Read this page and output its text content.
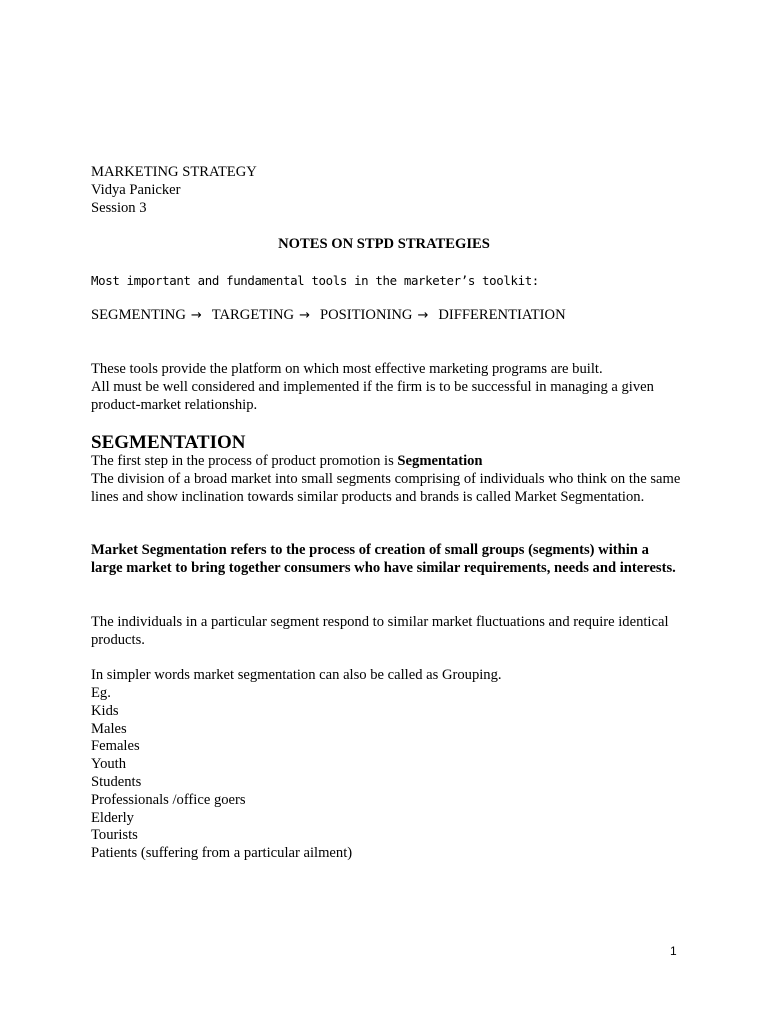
MARKETING STRATEGY
Vidya Panicker
Session 3
NOTES ON STPD STRATEGIES
Most important and fundamental tools in the marketer’s toolkit:
SEGMENTING → TARGETING → POSITIONING → DIFFERENTIATION
These tools provide the platform on which most effective marketing programs are built.
All must be well considered and implemented if the firm is to be successful in managing a given
product-market relationship.
SEGMENTATION
The first step in the process of product promotion is Segmentation
The division of a broad market into small segments comprising of individuals who think on the same lines and show inclination towards similar products and brands is called Market Segmentation.
Market Segmentation refers to the process of creation of small groups (segments) within a large market to bring together consumers who have similar requirements, needs and interests.
The individuals in a particular segment respond to similar market fluctuations and require identical products.
In simpler words market segmentation can also be called as Grouping.
Eg.
Kids
Males
Females
Youth
Students
Professionals /office goers
Elderly
Tourists
Patients (suffering from a particular ailment)
1
